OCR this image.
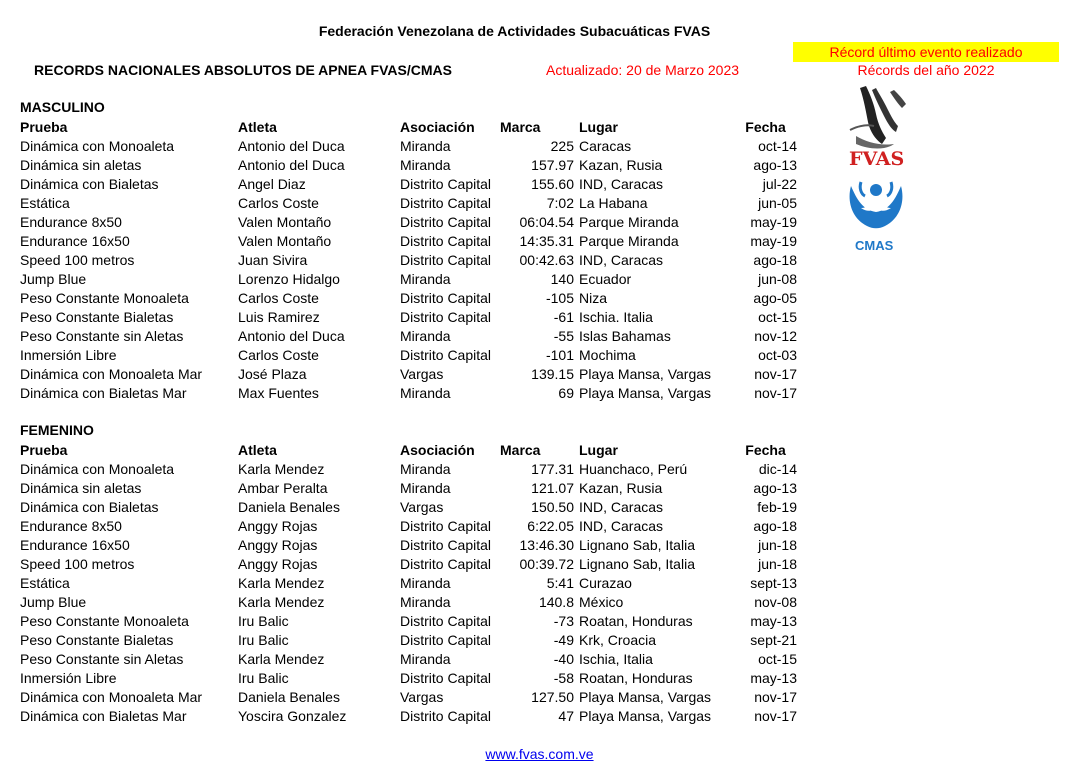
Federación Venezolana de Actividades Subacuáticas FVAS
RECORDS NACIONALES ABSOLUTOS DE APNEA FVAS/CMAS	Actualizado: 20 de Marzo 2023
Récord último evento realizado
Récords del año 2022
FVAS
CMAS
MASCULINO
Prueba	Atleta	Asociación	Marca	Lugar	Fecha
Dinámica con Monoaleta	Antonio del Duca	Miranda	225	Caracas	oct-14
Dinámica sin aletas	Antonio del Duca	Miranda	157.97	Kazan, Rusia	ago-13
Dinámica con Bialetas	Angel Diaz	Distrito Capital	155.60	IND, Caracas	jul-22
Estática	Carlos Coste	Distrito Capital	7:02	La Habana	jun-05
Endurance 8x50	Valen Montaño	Distrito Capital	06:04.54	Parque Miranda	may-19
Endurance 16x50	Valen Montaño	Distrito Capital	14:35.31	Parque Miranda	may-19
Speed 100 metros	Juan Sivira	Distrito Capital	00:42.63	IND, Caracas	ago-18
Jump Blue	Lorenzo Hidalgo	Miranda	140	Ecuador	jun-08
Peso Constante Monoaleta	Carlos Coste	Distrito Capital	-105	Niza	ago-05
Peso Constante Bialetas	Luis Ramirez	Distrito Capital	-61	Ischia. Italia	oct-15
Peso Constante sin Aletas	Antonio del Duca	Miranda	-55	Islas Bahamas	nov-12
Inmersión Libre	Carlos Coste	Distrito Capital	-101	Mochima	oct-03
Dinámica con Monoaleta Mar	José Plaza	Vargas	139.15	Playa Mansa, Vargas	nov-17
Dinámica con Bialetas Mar	Max Fuentes	Miranda	69	Playa Mansa, Vargas	nov-17
FEMENINO
Prueba	Atleta	Asociación	Marca	Lugar	Fecha
Dinámica con Monoaleta	Karla Mendez	Miranda	177.31	Huanchaco, Perú	dic-14
Dinámica sin aletas	Ambar Peralta	Miranda	121.07	Kazan, Rusia	ago-13
Dinámica con Bialetas	Daniela Benales	Vargas	150.50	IND, Caracas	feb-19
Endurance 8x50	Anggy Rojas	Distrito Capital	6:22.05	IND, Caracas	ago-18
Endurance 16x50	Anggy Rojas	Distrito Capital	13:46.30	Lignano Sab, Italia	jun-18
Speed 100 metros	Anggy Rojas	Distrito Capital	00:39.72	Lignano Sab, Italia	jun-18
Estática	Karla Mendez	Miranda	5:41	Curazao	sept-13
Jump Blue	Karla Mendez	Miranda	140.8	México	nov-08
Peso Constante Monoaleta	Iru Balic	Distrito Capital	-73	Roatan, Honduras	may-13
Peso Constante Bialetas	Iru Balic	Distrito Capital	-49	Krk, Croacia	sept-21
Peso Constante sin Aletas	Karla Mendez	Miranda	-40	Ischia, Italia	oct-15
Inmersión Libre	Iru Balic	Distrito Capital	-58	Roatan, Honduras	may-13
Dinámica con Monoaleta Mar	Daniela Benales	Vargas	127.50	Playa Mansa, Vargas	nov-17
Dinámica con Bialetas Mar	Yoscira Gonzalez	Distrito Capital	47	Playa Mansa, Vargas	nov-17
www.fvas.com.ve
